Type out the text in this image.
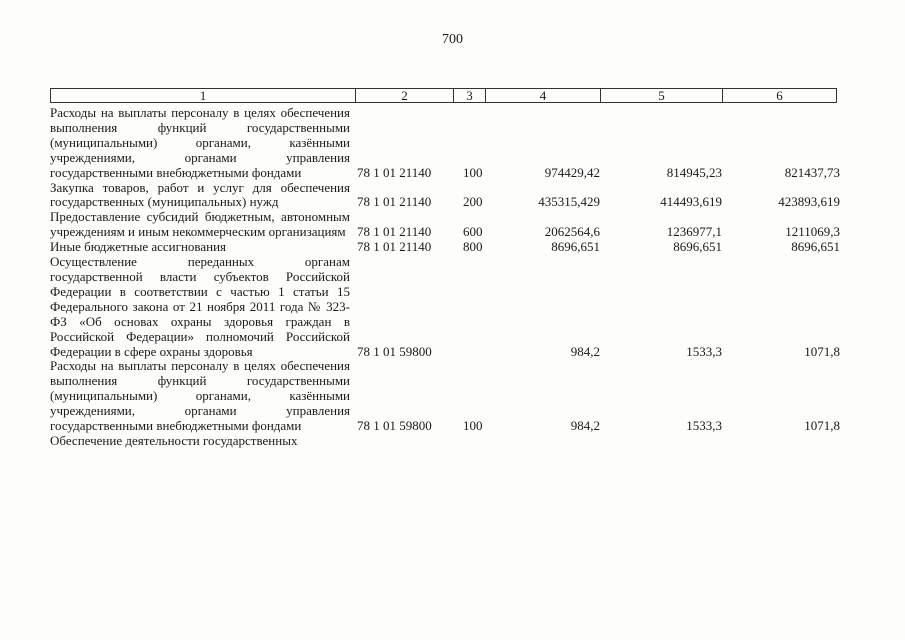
700
1	2	3	4	5	6
Расходы на выплаты персоналу в целях обеспечения выполнения функций государственными (муниципальными) органами, казёнными учреждениями, органами управления государственными внебюджетными фондами	78 1 01 21140	100	974429,42	814945,23	821437,73
Закупка товаров, работ и услуг для обеспечения государственных (муниципальных) нужд	78 1 01 21140	200	435315,429	414493,619	423893,619
Предоставление субсидий бюджетным, автономным учреждениям и иным некоммерческим организациям 78 1 01 21140	600	2062564,6	1236977,1	1211069,3
Иные бюджетные ассигнования	78 1 01 21140	800	8696,651	8696,651	8696,651
Осуществление переданных органам государственной власти субъектов Российской Федерации в соответствии с частью 1 статьи 15 Федерального закона от 21 ноября 2011 года № 323-ФЗ «Об основах охраны здоровья граждан в Российской Федерации» полномочий Российской Федерации в сфере охраны здоровья	78 1 01 59800	984,2	1533,3	1071,8
Расходы на выплаты персоналу в целях обеспечения выполнения функций государственными (муниципальными) органами, казёнными учреждениями, органами управления государственными внебюджетными фондами	78 1 01 59800	100	984,2	1533,3	1071,8
Обеспечение деятельности государственных
